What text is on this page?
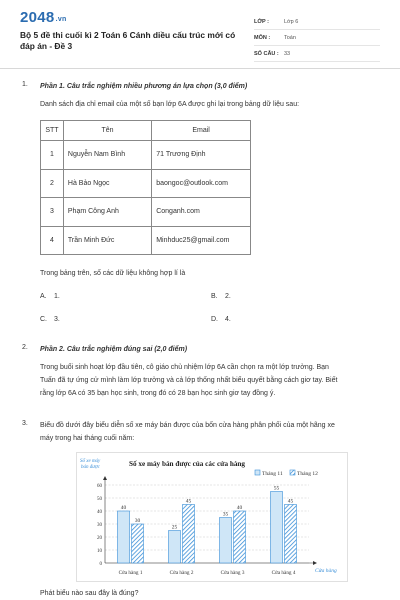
2048.vn
Bộ 5 đề thi cuối kì 2 Toán 6 Cánh diều cấu trúc mới có đáp án - Đề 3
LỚP :	Lớp 6
MÔN :	Toán
SỐ CÂU : 33
1. Phần 1. Câu trắc nghiệm nhiều phương án lựa chọn (3,0 điểm)
Danh sách địa chỉ email của một số bạn lớp 6A được ghi lại trong bảng dữ liệu sau:
STT	Tên	Email
1	Nguyễn Nam Bình	71 Trương Định
2	Hà Bảo Ngọc	baongoc@outlook.com
3	Phạm Công Anh	Conganh.com
4	Trần Minh Đức	Minhduc25@gmail.com
Trong bảng trên, số các dữ liệu không hợp lí là
A. 1.	B. 2.
C. 3.	D. 4.
2. Phần 2. Câu trắc nghiệm đúng sai (2,0 điểm)
Trong buổi sinh hoạt lớp đầu tiên, cô giáo chủ nhiệm lớp 6A cần chọn ra một lớp trưởng. Bạn
Tuấn đã tự ứng cử mình làm lớp trưởng và cả lớp thống nhất biểu quyết bằng cách giơ tay. Biết
rằng lớp 6A có 35 bạn học sinh, trong đó có 28 bạn học sinh giơ tay đồng ý.
3. Biểu đồ dưới đây biểu diễn số xe máy bán được của bốn cửa hàng phân phối của một hãng xe
máy trong hai tháng cuối năm:
Số xe máy
bán được	Số xe máy bán được của các cửa hàng
Tháng 11	Tháng 12
0
10
20
30
40
50
60
Cửa hàng
40
30
Cửa hàng 1
25
45
Cửa hàng 2
35
40
Cửa hàng 3
55
45
Cửa hàng 4
Phát biểu nào sau đây là đúng?
